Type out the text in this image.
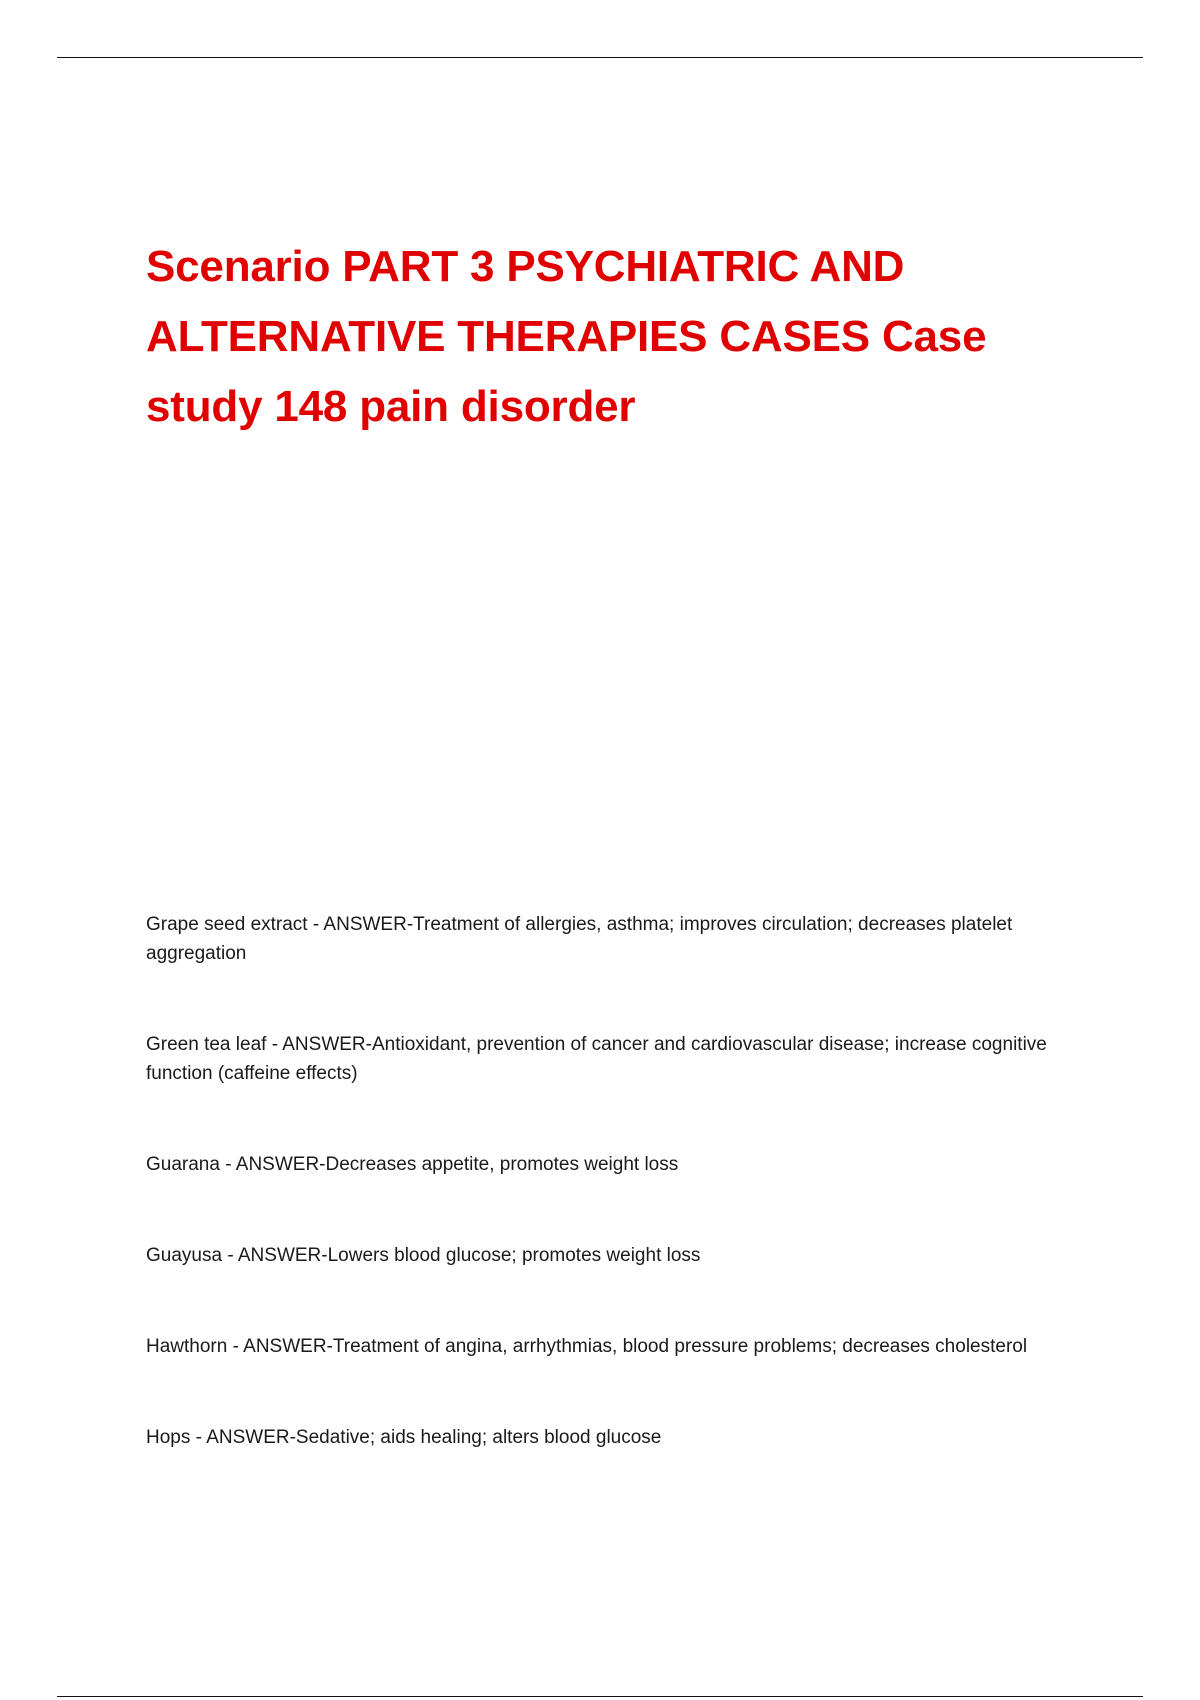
Scenario PART 3 PSYCHIATRIC AND ALTERNATIVE THERAPIES CASES Case study 148 pain disorder
Grape seed extract - ANSWER-Treatment of allergies, asthma; improves circulation; decreases platelet aggregation
Green tea leaf - ANSWER-Antioxidant, prevention of cancer and cardiovascular disease; increase cognitive function (caffeine effects)
Guarana - ANSWER-Decreases appetite, promotes weight loss
Guayusa - ANSWER-Lowers blood glucose; promotes weight loss
Hawthorn - ANSWER-Treatment of angina, arrhythmias, blood pressure problems; decreases cholesterol
Hops - ANSWER-Sedative; aids healing; alters blood glucose
